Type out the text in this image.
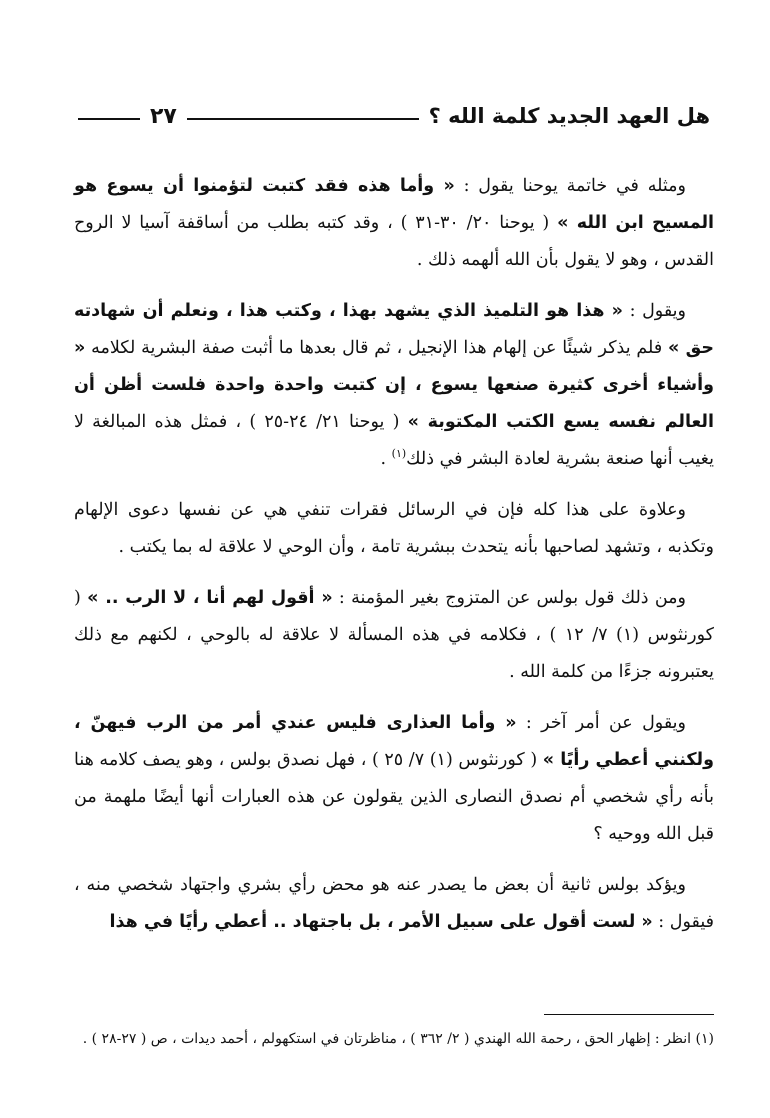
٢٧	هل العهد الجديد كلمة الله ؟

ومثله في خاتمة يوحنا يقول : « وأما هذه فقد كتبت لتؤمنوا أن يسوع هو المسيح ابن الله » ( يوحنا ٢٠/ ٣٠-٣١ ) ، وقد كتبه بطلب من أساقفة آسيا لا الروح القدس ، وهو لا يقول بأن الله ألهمه ذلك .

ويقول : « هذا هو التلميذ الذي يشهد بهذا ، وكتب هذا ، ونعلم أن شهادته حق » فلم يذكر شيئًا عن إلهام هذا الإنجيل ، ثم قال بعدها ما أثبت صفة البشرية لكلامه « وأشياء أخرى كثيرة صنعها يسوع ، إن كتبت واحدة واحدة فلست أظن أن العالم نفسه يسع الكتب المكتوبة » ( يوحنا ٢١/ ٢٤-٢٥ ) ، فمثل هذه المبالغة لا يغيب أنها صنعة بشرية لعادة البشر في ذلك$^{(١)}$ .

وعلاوة على هذا كله فإن في الرسائل فقرات تنفي هي عن نفسها دعوى الإلهام وتكذبه ، وتشهد لصاحبها بأنه يتحدث ببشرية تامة ، وأن الوحي لا علاقة له بما يكتب .

ومن ذلك قول بولس عن المتزوج بغير المؤمنة : « أقول لهم أنا ، لا الرب .. » ( كورنثوس (١) ٧/ ١٢ ) ، فكلامه في هذه المسألة لا علاقة له بالوحي ، لكنهم مع ذلك يعتبرونه جزءًا من كلمة الله .

ويقول عن أمر آخر : « وأما العذارى فليس عندي أمر من الرب فيهنّ ، ولكنني أعطي رأيًا » ( كورنثوس (١) ٧/ ٢٥ ) ، فهل نصدق بولس ، وهو يصف كلامه هنا بأنه رأي شخصي أم نصدق النصارى الذين يقولون عن هذه العبارات أنها أيضًا ملهمة من قبل الله ووحيه ؟

ويؤكد بولس ثانية أن بعض ما يصدر عنه هو محض رأي بشري واجتهاد شخصي منه ، فيقول : « لست أقول على سبيل الأمر ، بل باجتهاد .. أعطي رأيًا في هذا

(١) انظر : إظهار الحق ، رحمة الله الهندي ( ٢/ ٣٦٢ ) ، مناظرتان في استكهولم ، أحمد ديدات ، ص ( ٢٧-٢٨ ) .
